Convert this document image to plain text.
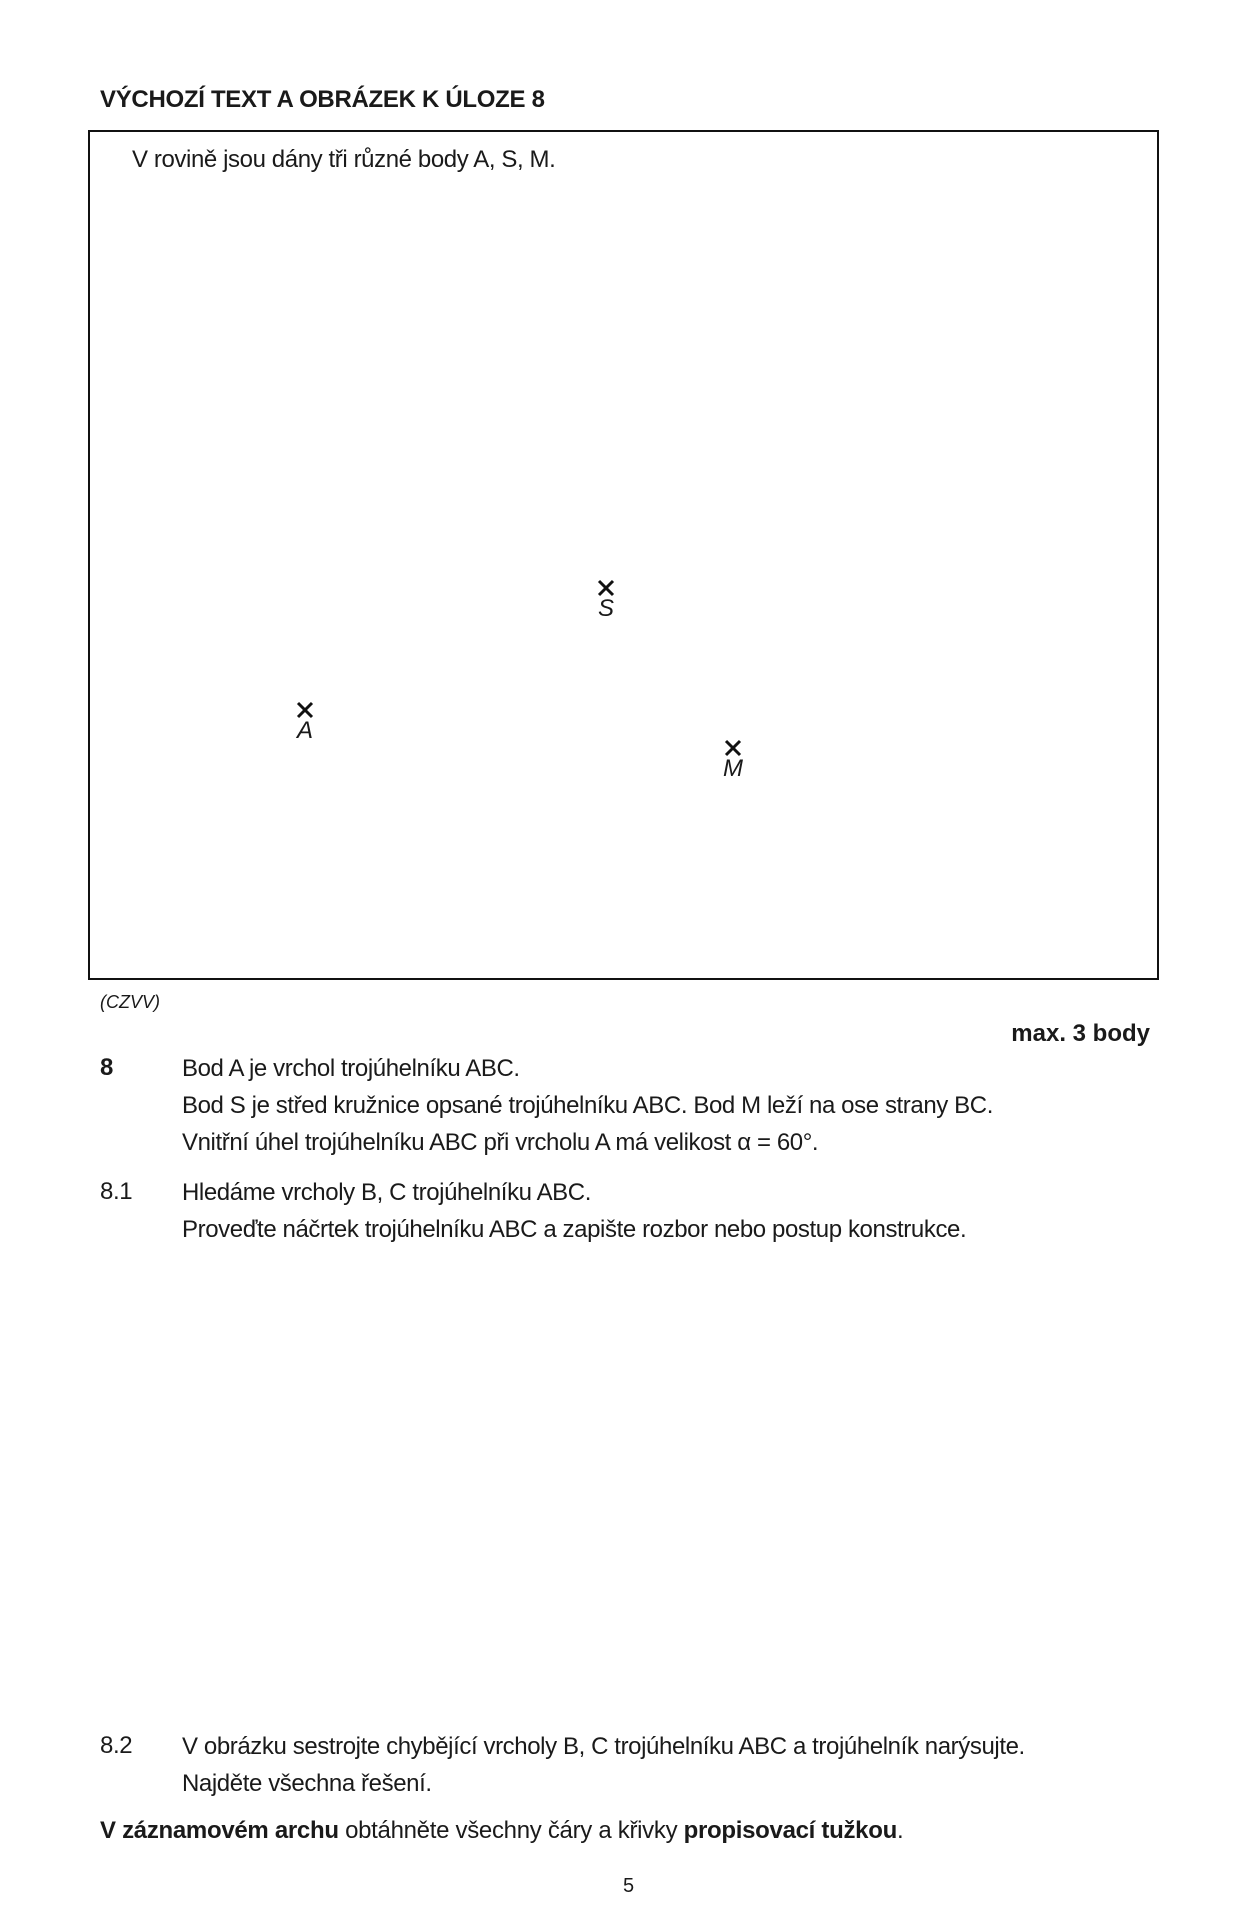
VÝCHOZÍ TEXT A OBRÁZEK K ÚLOZE 8
V rovině jsou dány tři různé body A, S, M.
S
A
M
(CZVV)
max. 3 body
8	Bod A je vrchol trojúhelníku ABC.
Bod S je střed kružnice opsané trojúhelníku ABC. Bod M leží na ose strany BC.
Vnitřní úhel trojúhelníku ABC při vrcholu A má velikost α = 60°.
8.1	Hledáme vrcholy B, C trojúhelníku ABC.
Proveďte náčrtek trojúhelníku ABC a zapište rozbor nebo postup konstrukce.
8.2	V obrázku sestrojte chybějící vrcholy B, C trojúhelníku ABC a trojúhelník narýsujte.
Najděte všechna řešení.
V záznamovém archu obtáhněte všechny čáry a křivky propisovací tužkou.
5
